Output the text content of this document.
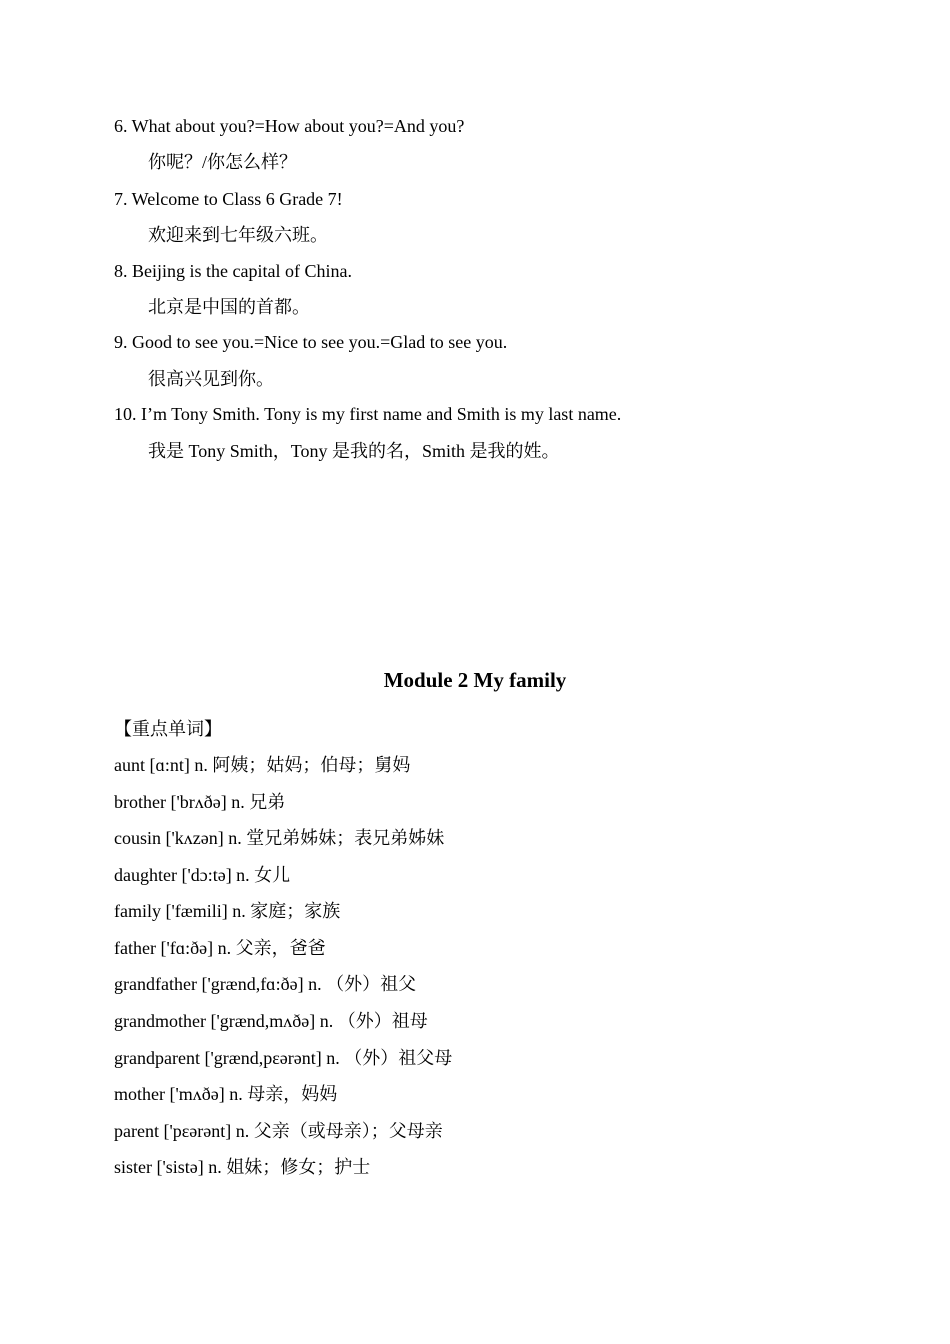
6. What about you?=How about you?=And you?
你呢？/你怎么样？
7. Welcome to Class 6 Grade 7!
欢迎来到七年级六班。
8. Beijing is the capital of China.
北京是中国的首都。
9. Good to see you.=Nice to see you.=Glad to see you.
很高兴见到你。
10. I’m Tony Smith. Tony is my first name and Smith is my last name.
我是 Tony Smith，Tony 是我的名，Smith 是我的姓。
Module 2 My family
【重点单词】
aunt [ɑ:nt] n. 阿姨；姑妈；伯母；舅妈
brother ['brʌðə] n. 兄弟
cousin ['kʌzən] n. 堂兄弟姊妹；表兄弟姊妹
daughter ['dɔ:tə] n. 女儿
family ['fæmili] n. 家庭；家族
father ['fɑ:ðə] n. 父亲，爸爸
grandfather ['grænd,fɑ:ðə] n. （外）祖父
grandmother ['grænd,mʌðə] n. （外）祖母
grandparent ['grænd,pɛərənt] n. （外）祖父母
mother ['mʌðə] n. 母亲，妈妈
parent ['pɛərənt] n. 父亲（或母亲）；父母亲
sister ['sistə] n. 姐妹；修女；护士
